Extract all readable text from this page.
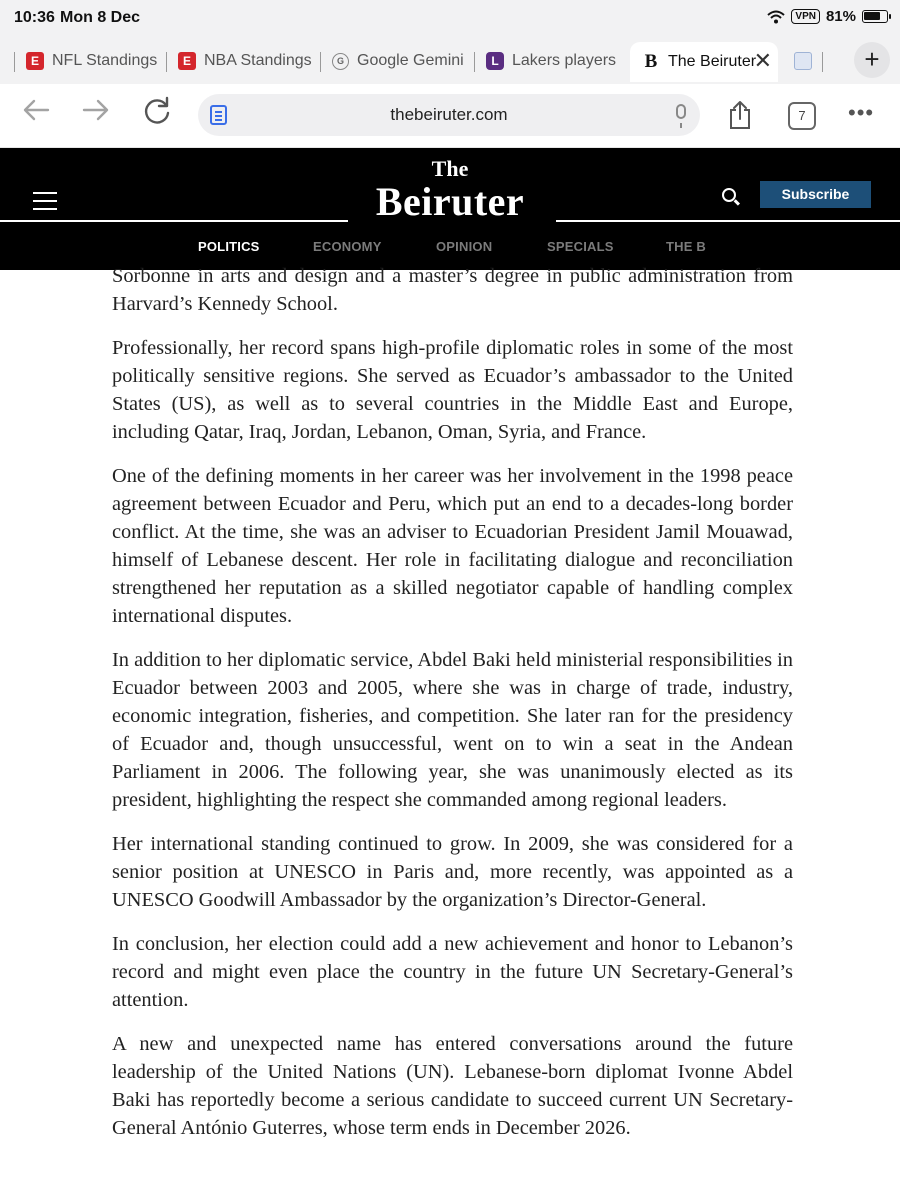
10:36 Mon 8 Dec	VPN 81%
E NFL Standings	E NBA Standings	G Google Gemini	L Lakers players B The Beiruter
✕	+
thebeiruter.com	7	•••
The
Beiruter	Subscribe
POLITICS	ECONOMY	OPINION	SPECIALS	THE B

Sorbonne in arts and design and a master’s degree in public administration from Harvard’s Kennedy School.

Professionally, her record spans high-profile diplomatic roles in some of the most politically sensitive regions. She served as Ecuador’s ambassador to the United States (US), as well as to several countries in the Middle East and Europe, including Qatar, Iraq, Jordan, Lebanon, Oman, Syria, and France.

One of the defining moments in her career was her involvement in the 1998 peace agreement between Ecuador and Peru, which put an end to a decades-long border conflict. At the time, she was an adviser to Ecuadorian President Jamil Mouawad, himself of Lebanese descent. Her role in facilitating dialogue and reconciliation strengthened her reputation as a skilled negotiator capable of handling complex international disputes.

In addition to her diplomatic service, Abdel Baki held ministerial responsibilities in Ecuador between 2003 and 2005, where she was in charge of trade, industry, economic integration, fisheries, and competition. She later ran for the presidency of Ecuador and, though unsuccessful, went on to win a seat in the Andean Parliament in 2006. The following year, she was unanimously elected as its president, highlighting the respect she commanded among regional leaders.

Her international standing continued to grow. In 2009, she was considered for a senior position at UNESCO in Paris and, more recently, was appointed as a UNESCO Goodwill Ambassador by the organization’s Director-General.

In conclusion, her election could add a new achievement and honor to Lebanon’s record and might even place the country in the future UN Secretary-General’s attention.

A new and unexpected name has entered conversations around the future leadership of the United Nations (UN). Lebanese-born diplomat Ivonne Abdel Baki has reportedly become a serious candidate to succeed current UN Secretary-General António Guterres, whose term ends in December 2026.
